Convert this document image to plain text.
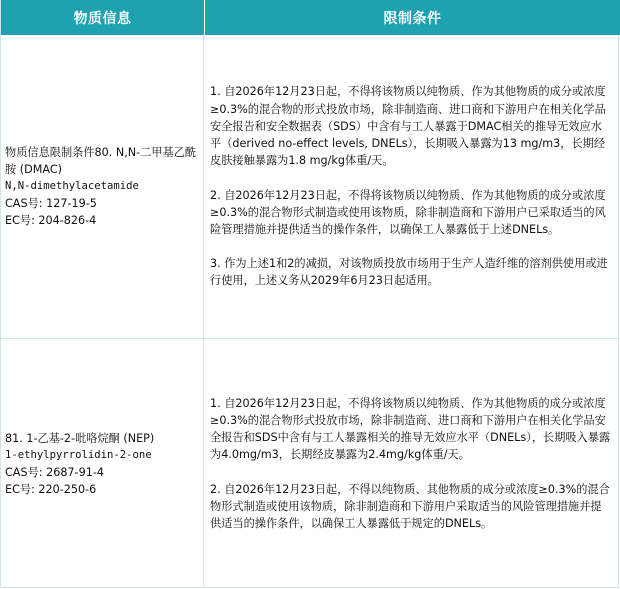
物质信息	限制条件
物质信息限制条件80. N,N-二甲基乙酰胺 (DMAC)
N,N-dimethylacetamide
CAS号: 127-19-5
EC号: 204-826-4

1. 自2026年12月23日起，不得将该物质以纯物质、作为其他物质的成分或浓度≥0.3%的混合物的形式投放市场，除非制造商、进口商和下游用户在相关化学品安全报告和安全数据表（SDS）中含有与工人暴露于DMAC相关的推导无效应水平（derived no-effect levels, DNELs），长期吸入暴露为13 mg/m3，长期经皮肤接触暴露为1.8 mg/kg体重/天。

2. 自2026年12月23日起，不得将该物质以纯物质、作为其他物质的成分或浓度≥0.3%的混合物形式制造或使用该物质，除非制造商和下游用户已采取适当的风险管理措施并提供适当的操作条件，以确保工人暴露低于上述DNELs。

3. 作为上述1和2的减损，对该物质投放市场用于生产人造纤维的溶剂供使用或进行使用，上述义务从2029年6月23日起适用。

81. 1-乙基-2-吡咯烷酮 (NEP)
1-ethylpyrrolidin-2-one
CAS号: 2687-91-4
EC号: 220-250-6

1. 自2026年12月23日起，不得将该物质以纯物质、作为其他物质的成分或浓度≥0.3%的混合物形式投放市场，除非制造商、进口商和下游用户在相关化学品安全报告和SDS中含有与工人暴露相关的推导无效应水平（DNELs），长期吸入暴露为4.0mg/m3，长期经皮暴露为2.4mg/kg体重/天。

2. 自2026年12月23日起，不得以纯物质、其他物质的成分或浓度≥0.3%的混合物形式制造或使用该物质，除非制造商和下游用户采取适当的风险管理措施并提供适当的操作条件，以确保工人暴露低于规定的DNELs。
